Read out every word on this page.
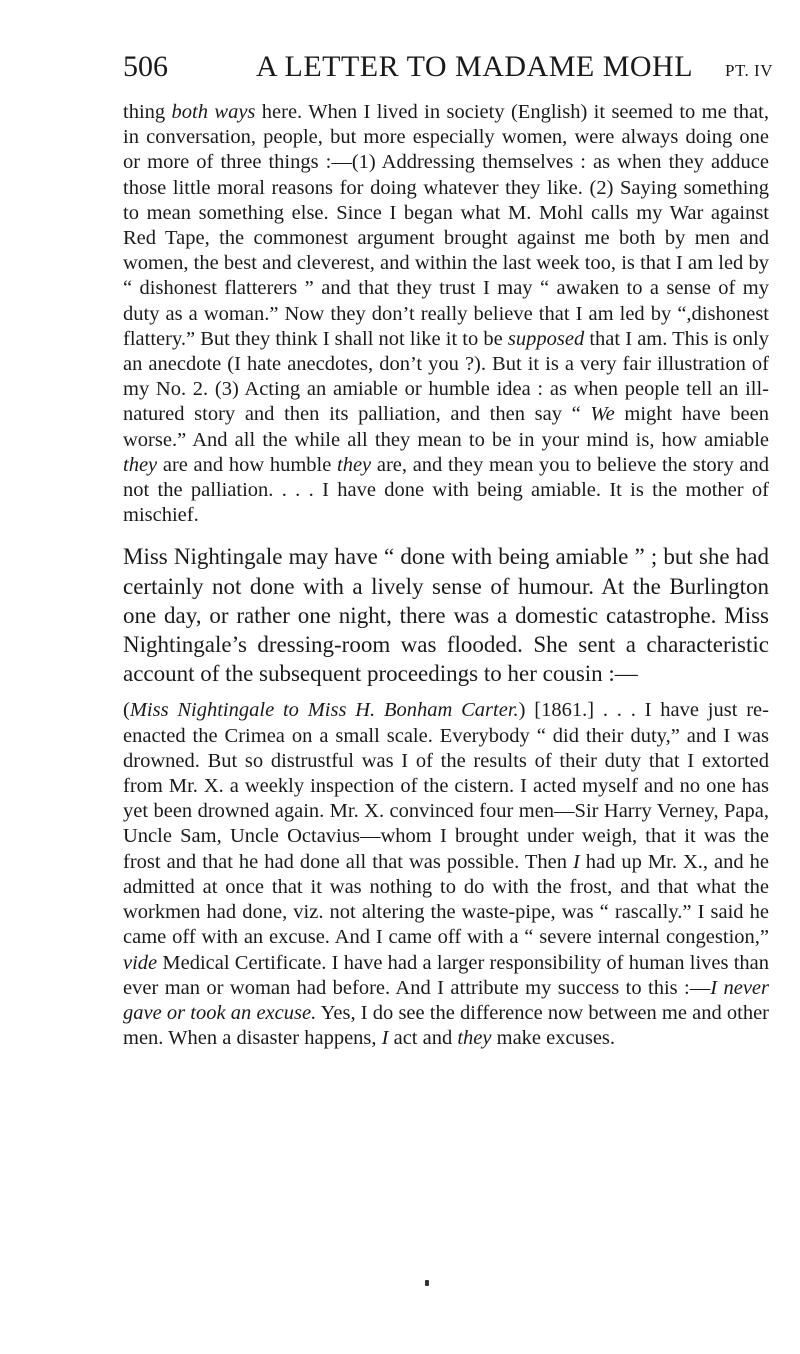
506	A LETTER TO MADAME MOHL PT. IV

thing both ways here. When I lived in society (English) it seemed to me that, in conversation, people, but more especially women, were always doing one or more of three things :—(1) Addressing themselves : as when they adduce those little moral reasons for doing whatever they like. (2) Saying something to mean something else. Since I began what M. Mohl calls my War against Red Tape, the commonest argument brought against me both by men and women, the best and cleverest, and within the last week too, is that I am led by “ dishonest flatterers ” and that they trust I may “ awaken to a sense of my duty as a woman.” Now they don’t really believe that I am led by “,dishonest flattery.” But they think I shall not like it to be supposed that I am. This is only an anecdote (I hate anecdotes, don’t you ?). But it is a very fair illustration of my No. 2. (3) Acting an amiable or humble idea : as when people tell an ill-natured story and then its palliation, and then say “ We might have been worse.” And all the while all they mean to be in your mind is, how amiable they are and how humble they are, and they mean you to believe the story and not the palliation. . . . I have done with being amiable. It is the mother of mischief.

Miss Nightingale may have “ done with being amiable ” ; but she had certainly not done with a lively sense of humour. At the Burlington one day, or rather one night, there was a domestic catastrophe. Miss Nightingale’s dressing-room was flooded. She sent a characteristic account of the subsequent proceedings to her cousin :—

(Miss Nightingale to Miss H. Bonham Carter.) [1861.] . . . I have just re-enacted the Crimea on a small scale. Everybody “ did their duty,” and I was drowned. But so distrustful was I of the results of their duty that I extorted from Mr. X. a weekly inspection of the cistern. I acted myself and no one has yet been drowned again. Mr. X. convinced four men—Sir Harry Verney, Papa, Uncle Sam, Uncle Octavius—whom I brought under weigh, that it was the frost and that he had done all that was possible. Then I had up Mr. X., and he admitted at once that it was nothing to do with the frost, and that what the workmen had done, viz. not altering the waste-pipe, was “ rascally.” I said he came off with an excuse. And I came off with a “ severe internal congestion,” vide Medical Certificate. I have had a larger responsibility of human lives than ever man or woman had before. And I attribute my success to this :—I never gave or took an excuse. Yes, I do see the difference now between me and other men. When a disaster happens, I act and they make excuses.
